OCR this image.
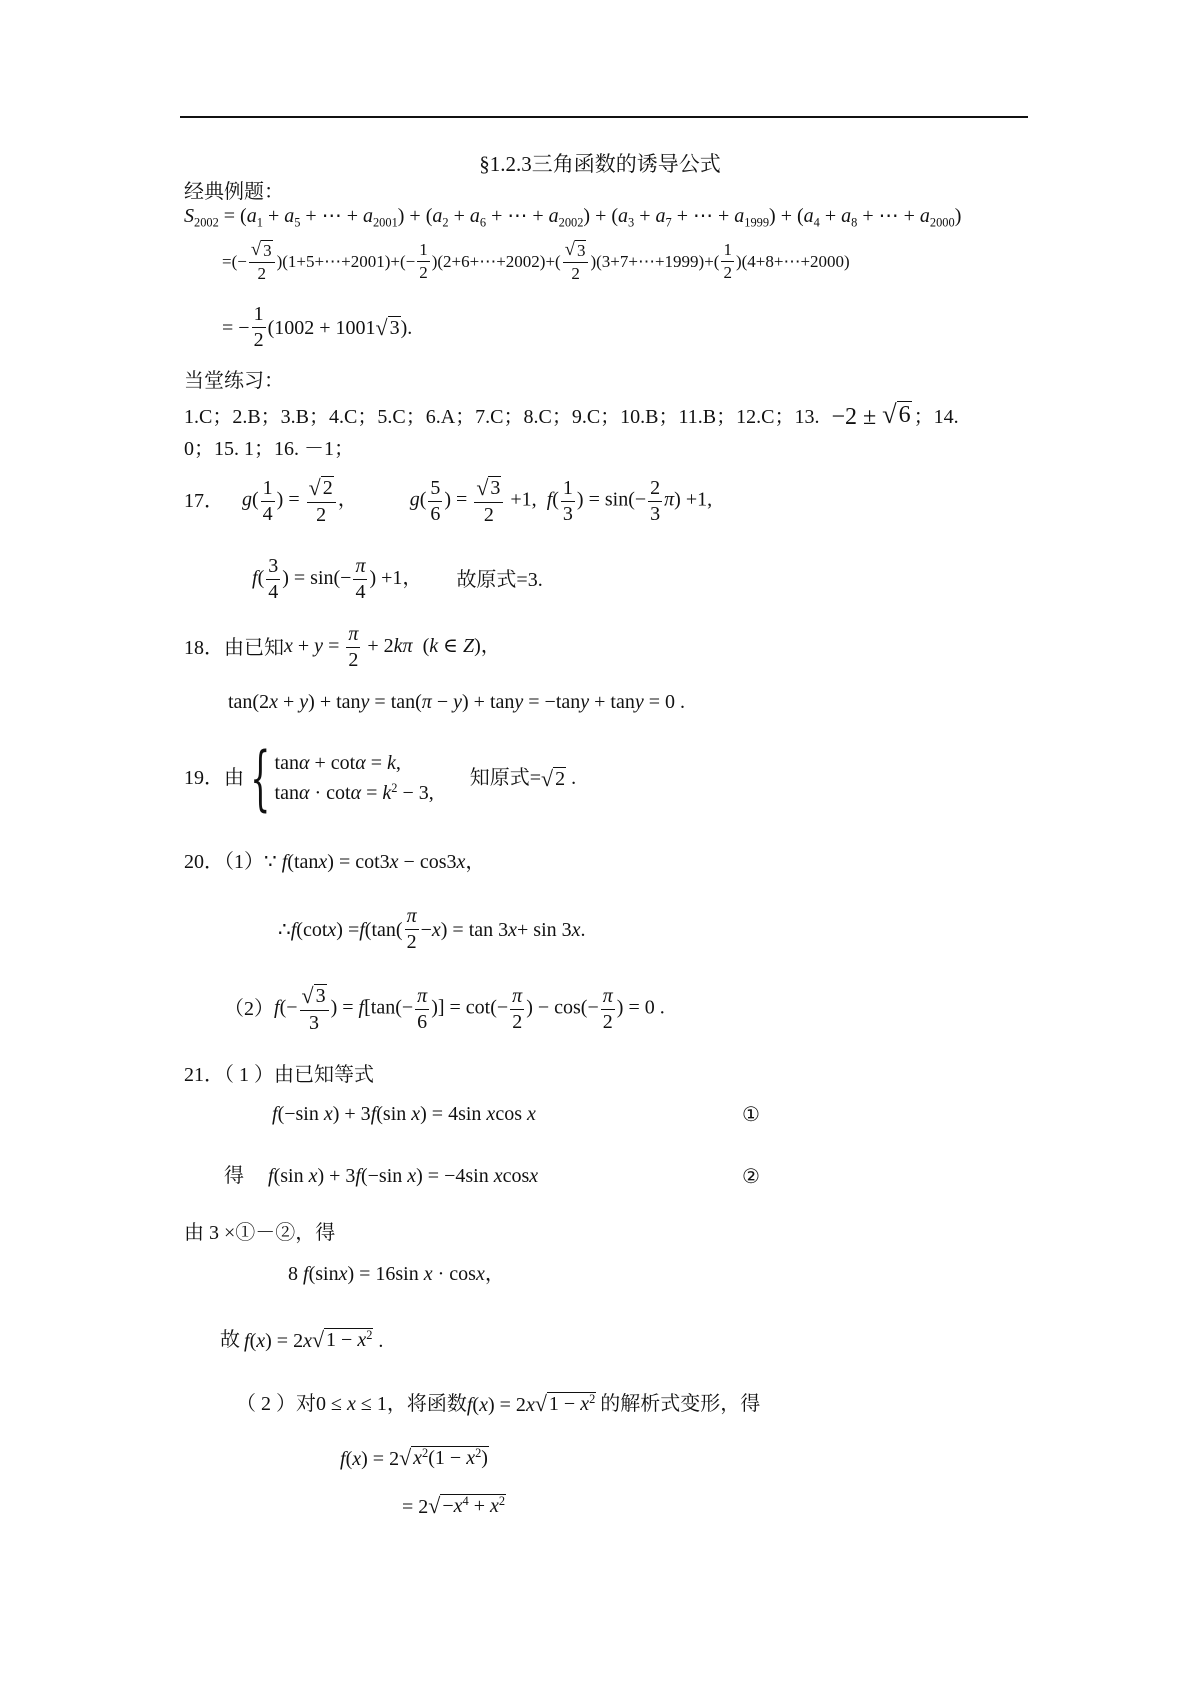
§1.2.3三角函数的诱导公式
经典例题：
$S_{2002} = (a_1 + a_5$ + ⋯ + $a_{2001}) + (a_2 + a_6$ + ⋯ + $a_{2002}) + (a_3 + a_7$ + ⋯ + $a_{1999}) + (a_4 + a_8$ + ⋯ + $a_{2000}$)
=(− $\frac{√ 3}{2}$ )(1+5+⋯+2001)+(− $\frac{1}{2}$ )(2+6+⋯+2002)+( $\frac{√ 3}{2}$ )(3+7+⋯+1999)+( $\frac{1}{2}$ )(4+8+⋯+2000)
= − $\frac{1}{2} (1002 + 1001$ √ 3 ).
当堂练习：
1.C；2.B；3.B；4.C；5.C；6.A；7.C；8.C；9.C；10.B；11.B；12.C；13. −2 ± √ 6 ；14.
0；15. 1；16. －1；
17． $g( \frac{1}{4}$ ) = $\frac{√ 2}{2}$ ，	$g( \frac{5}{6}$ ) = $\frac{√ 3}{2} +1$,  $f( \frac{1}{3}$ ) = $\sin(- \frac{2}{3} \pi) +1$,
$f( \frac{3}{4}$ ) = $\sin(- \frac{\pi}{4}$ ) +1， 故原式=3.
18．由已知 $x + y = \frac{\pi}{2} + 2k\pi$  (k ∈ Z)，
tan(2x + y) + tany = tan(π − y) + tany = −tany + tany = 0 .
19．由 { tanα + cotα = k,
$\tan\alpha \cdot \cot\alpha = k^2 - 3$,
知原式= √ 2 .
20．（1） ∵ f(tanx) = cot3x − cos3x，
∴ f (cot x ) = f ($\tan( \frac{\pi}{2} - x$ ) = tan 3 x + sin 3 x .
（2） $f(- \frac{√ 3}{3}$ ) = $f[\tan(- \frac{\pi}{6}$ )] = $\cot(- \frac{\pi}{2}$ ) − $\cos(- \frac{\pi}{2}$ ) = 0 .
21．（ 1 ）由已知等式
f(−sin x) + 3f(sin x) = 4sin xcos x	①
得 f(sin x) + 3f(−sin x) = −4sin xcosx	②
由 3 ×①－②，得
8 f(sinx) = 16sin x · cosx，
故 f(x) = 2x √ $1 - x^2$ .
（ 2 ）对 0 ≤ x ≤ 1 ，将函数 f(x) = 2x √ $1 - x^2$ 的解析式变形，得
f(x) = 2 √ $x^2(1 - x^2)$
= 2 √ $-x^4 + x^2$
